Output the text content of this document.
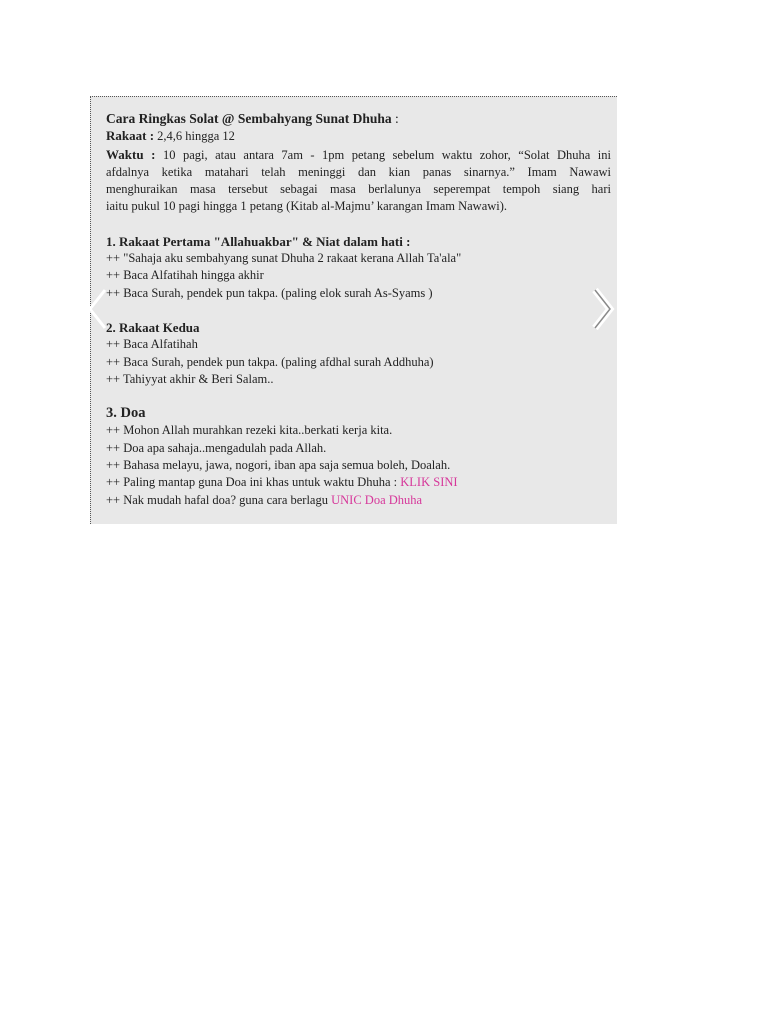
Cara Ringkas Solat @ Sembahyang Sunat Dhuha :
Rakaat : 2,4,6 hingga 12
Waktu : 10 pagi, atau antara 7am - 1pm petang sebelum waktu zohor, “Solat Dhuha ini
afdalnya ketika matahari telah meninggi dan kian panas sinarnya.” Imam Nawawi
menghuraikan masa tersebut sebagai masa berlalunya seperempat tempoh siang hari
iaitu pukul 10 pagi hingga 1 petang (Kitab al-Majmu’ karangan Imam Nawawi).
1. Rakaat Pertama "Allahuakbar" & Niat dalam hati :
++ "Sahaja aku sembahyang sunat Dhuha 2 rakaat kerana Allah Ta'ala"
++ Baca Alfatihah hingga akhir
++ Baca Surah, pendek pun takpa. (paling elok surah As-Syams )
2. Rakaat Kedua
++ Baca Alfatihah
++ Baca Surah, pendek pun takpa. (paling afdhal surah Addhuha)
++ Tahiyyat akhir & Beri Salam..
3. Doa
++ Mohon Allah murahkan rezeki kita..berkati kerja kita.
++ Doa apa sahaja..mengadulah pada Allah.
++ Bahasa melayu, jawa, nogori, iban apa saja semua boleh, Doalah.
++ Paling mantap guna Doa ini khas untuk waktu Dhuha : KLIK SINI
++ Nak mudah hafal doa? guna cara berlagu UNIC Doa Dhuha
